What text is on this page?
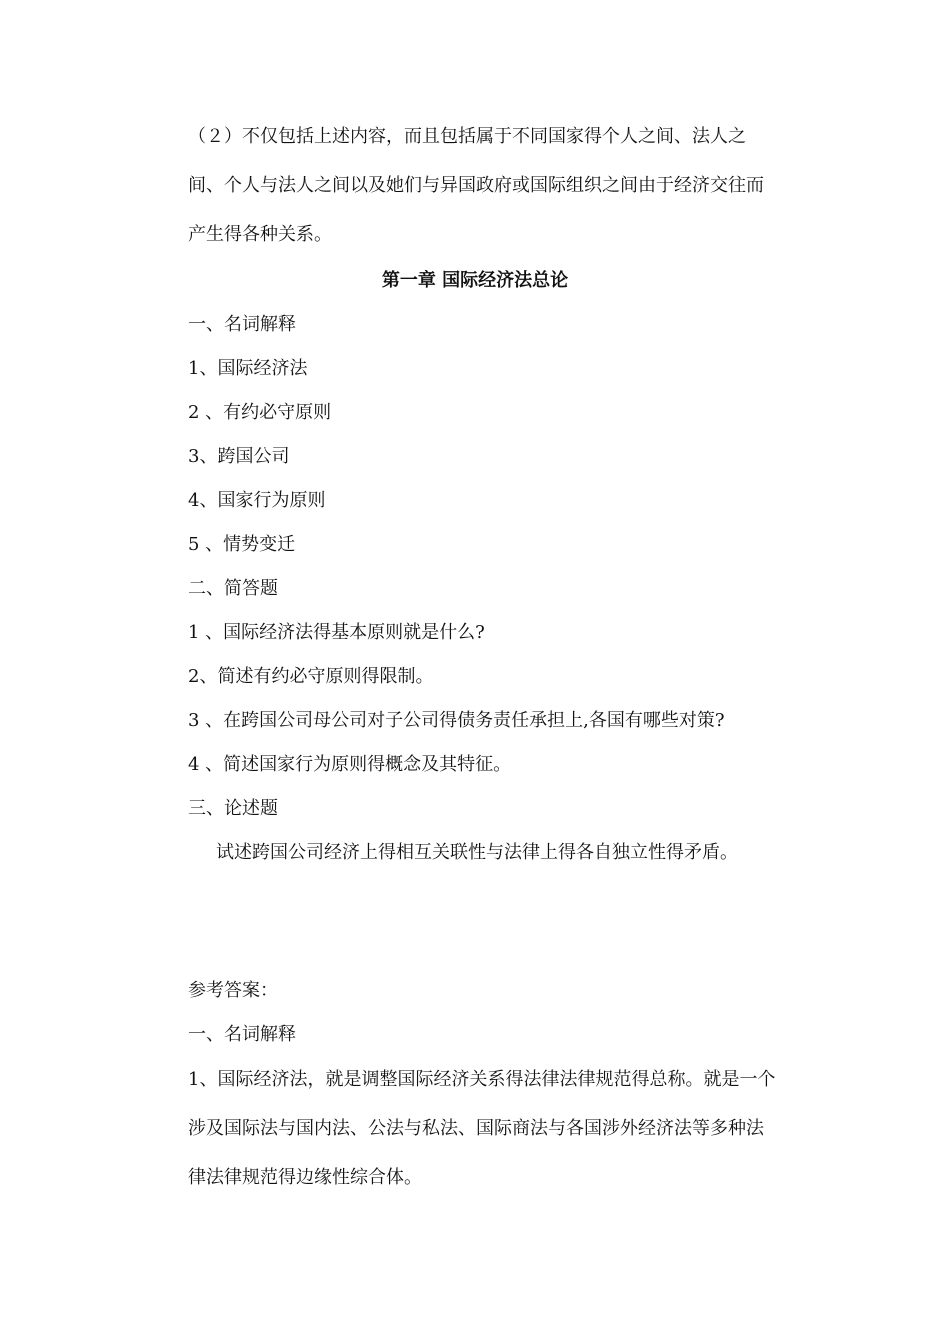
（２）不仅包括上述内容，而且包括属于不同国家得个人之间、法人之间、个人与法人之间以及她们与异国政府或国际组织之间由于经济交往而产生得各种关系。

第一章 国际经济法总论

一、名词解释

1、国际经济法

2 、有约必守原则

3、跨国公司

4、国家行为原则

5 、情势变迁

二、简答题

1 、国际经济法得基本原则就是什么?

2、简述有约必守原则得限制。

3 、在跨国公司母公司对子公司得债务责任承担上,各国有哪些对策?

4 、简述国家行为原则得概念及其特征。

三、论述题

试述跨国公司经济上得相互关联性与法律上得各自独立性得矛盾。

参考答案：

一、名词解释

1、国际经济法，就是调整国际经济关系得法律法律规范得总称。就是一个涉及国际法与国内法、公法与私法、国际商法与各国涉外经济法等多种法律法律规范得边缘性综合体。
